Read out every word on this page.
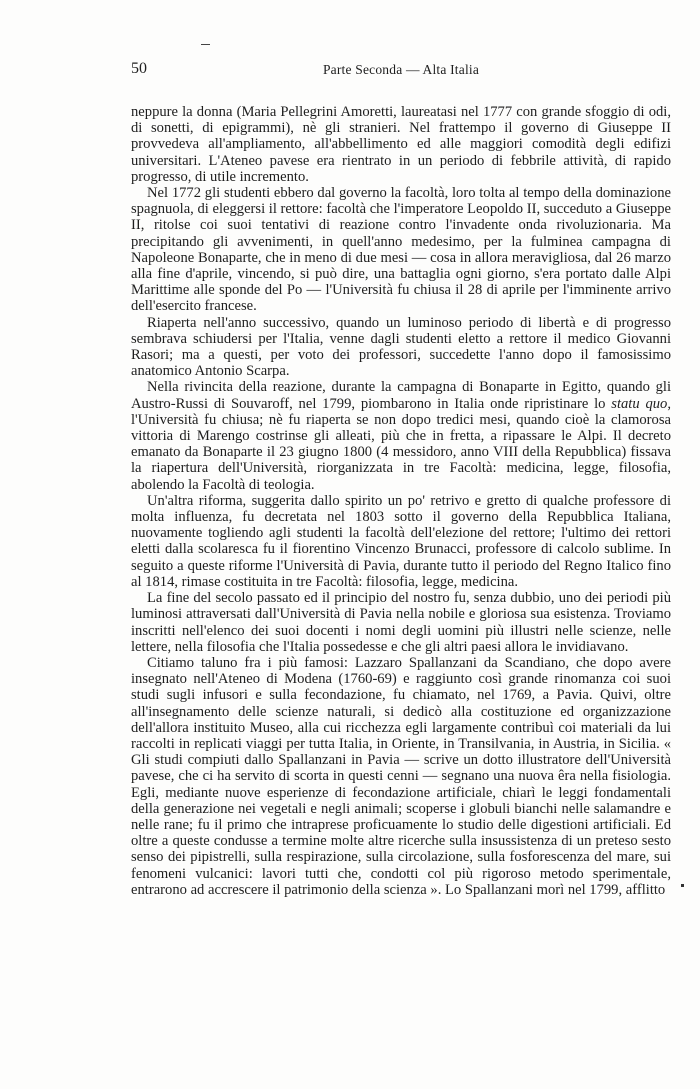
50	Parte Seconda — Alta Italia

neppure la donna (Maria Pellegrini Amoretti, laureatasi nel 1777 con grande sfoggio di odi, di sonetti, di epigrammi), nè gli stranieri. Nel frattempo il governo di Giuseppe II provvedeva all'ampliamento, all'abbellimento ed alle maggiori comodità degli edifizi universitari. L'Ateneo pavese era rientrato in un periodo di febbrile attività, di rapido progresso, di utile incremento.

Nel 1772 gli studenti ebbero dal governo la facoltà, loro tolta al tempo della dominazione spagnuola, di eleggersi il rettore: facoltà che l'imperatore Leopoldo II, succeduto a Giuseppe II, ritolse coi suoi tentativi di reazione contro l'invadente onda rivoluzionaria. Ma precipitando gli avvenimenti, in quell'anno medesimo, per la fulminea campagna di Napoleone Bonaparte, che in meno di due mesi — cosa in allora meravigliosa, dal 26 marzo alla fine d'aprile, vincendo, si può dire, una battaglia ogni giorno, s'era portato dalle Alpi Marittime alle sponde del Po — l'Università fu chiusa il 28 di aprile per l'imminente arrivo dell'esercito francese.

Riaperta nell'anno successivo, quando un luminoso periodo di libertà e di progresso sembrava schiudersi per l'Italia, venne dagli studenti eletto a rettore il medico Giovanni Rasori; ma a questi, per voto dei professori, succedette l'anno dopo il famosissimo anatomico Antonio Scarpa.

Nella rivincita della reazione, durante la campagna di Bonaparte in Egitto, quando gli Austro-Russi di Souvaroff, nel 1799, piombarono in Italia onde ripristinare lo statu quo, l'Università fu chiusa; nè fu riaperta se non dopo tredici mesi, quando cioè la clamorosa vittoria di Marengo costrinse gli alleati, più che in fretta, a ripassare le Alpi. Il decreto emanato da Bonaparte il 23 giugno 1800 (4 messidoro, anno VIII della Repubblica) fissava la riapertura dell'Università, riorganizzata in tre Facoltà: medicina, legge, filosofia, abolendo la Facoltà di teologia.

Un'altra riforma, suggerita dallo spirito un po' retrivo e gretto di qualche professore di molta influenza, fu decretata nel 1803 sotto il governo della Repubblica Italiana, nuovamente togliendo agli studenti la facoltà dell'elezione del rettore; l'ultimo dei rettori eletti dalla scolaresca fu il fiorentino Vincenzo Brunacci, professore di calcolo sublime. In seguito a queste riforme l'Università di Pavia, durante tutto il periodo del Regno Italico fino al 1814, rimase costituita in tre Facoltà: filosofia, legge, medicina.

La fine del secolo passato ed il principio del nostro fu, senza dubbio, uno dei periodi più luminosi attraversati dall'Università di Pavia nella nobile e gloriosa sua esistenza. Troviamo inscritti nell'elenco dei suoi docenti i nomi degli uomini più illustri nelle scienze, nelle lettere, nella filosofia che l'Italia possedesse e che gli altri paesi allora le invidiavano.

Citiamo taluno fra i più famosi: Lazzaro Spallanzani da Scandiano, che dopo avere insegnato nell'Ateneo di Modena (1760-69) e raggiunto così grande rinomanza coi suoi studi sugli infusori e sulla fecondazione, fu chiamato, nel 1769, a Pavia. Quivi, oltre all'insegnamento delle scienze naturali, si dedicò alla costituzione ed organizzazione dell'allora instituito Museo, alla cui ricchezza egli largamente contribuì coi materiali da lui raccolti in replicati viaggi per tutta Italia, in Oriente, in Transilvania, in Austria, in Sicilia. « Gli studi compiuti dallo Spallanzani in Pavia — scrive un dotto illustratore dell'Università pavese, che ci ha servito di scorta in questi cenni — segnano una nuova êra nella fisiologia. Egli, mediante nuove esperienze di fecondazione artificiale, chiarì le leggi fondamentali della generazione nei vegetali e negli animali; scoperse i globuli bianchi nelle salamandre e nelle rane; fu il primo che intraprese proficuamente lo studio delle digestioni artificiali. Ed oltre a queste condusse a termine molte altre ricerche sulla insussistenza di un preteso sesto senso dei pipistrelli, sulla respirazione, sulla circolazione, sulla fosforescenza del mare, sui fenomeni vulcanici: lavori tutti che, condotti col più rigoroso metodo sperimentale, entrarono ad accrescere il patrimonio della scienza ». Lo Spallanzani morì nel 1799, afflitto
